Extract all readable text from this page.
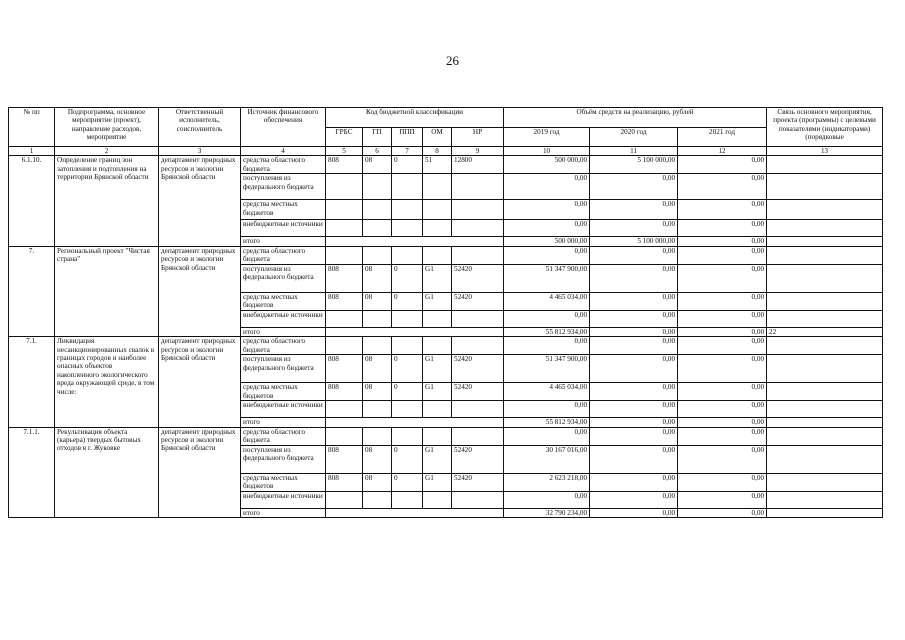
26
№ пп	Подпрограмма, основное мероприятие (проект), направление расходов, мероприятие	Ответственный исполнитель, соисполнитель	Источник финансового обеспечения	Код бюджетной классификации					Объём средств на реализацию, рублей			Связь основного мероприятия, проекта (программы) с целевыми показателями (индикаторами) (порядковые
				ГРБС	ГП	ППП	ОМ	НР	2019 год	2020 год	2021 год	
1	2	3	4	5	6	7	8	9	10	11	12	13
6.1.10.	Определение границ зон затопления и подтопления на территории Брянской области	департамент природных ресурсов и экологии Брянской области	средства областного бюджета	808	08	0	51	12800	500 000,00	5 100 000,00	0,00	
			поступления из федерального бюджета						0,00	0,00	0,00	
			средства местных бюджетов						0,00	0,00	0,00	
			внебюджетные источники						0,00	0,00	0,00	
			итого						500 000,00	5 100 000,00	0,00	
7.	Региональный проект "Чистая страна"	департамент природных ресурсов и экологии Брянской области	средства областного бюджета						0,00	0,00	0,00	
			поступления из федерального бюджета	808	08	0	G1	52420	51 347 900,00	0,00	0,00	
			средства местных бюджетов	808	08	0	G1	52420	4 465 034,00	0,00	0,00	
			внебюджетные источники						0,00	0,00	0,00	
			итого						55 812 934,00	0,00	0,00	22
7.1.	Ликвидация несанкционированных свалок в границах городов и наиболее опасных объектов накопленного экологического вреда окружающей среде, в том числе:	департамент природных ресурсов и экологии Брянской области	средства областного бюджета						0,00	0,00	0,00	
			поступления из федерального бюджета	808	08	0	G1	52420	51 347 900,00	0,00	0,00	
			средства местных бюджетов	808	08	0	G1	52420	4 465 034,00	0,00	0,00	
			внебюджетные источники						0,00	0,00	0,00	
			итого						55 812 934,00	0,00	0,00	
7.1.1.	Рекультивация объекта (карьера) твердых бытовых отходов в г. Жуковке	департамент природных ресурсов и экологии Брянской области	средства областного бюджета						0,00	0,00	0,00	
			поступления из федерального бюджета	808	08	0	G1	52420	30 167 016,00	0,00	0,00	
			средства местных бюджетов	808	08	0	G1	52420	2 623 218,00	0,00	0,00	
			внебюджетные источники						0,00	0,00	0,00	
			итого						32 790 234,00	0,00	0,00	
